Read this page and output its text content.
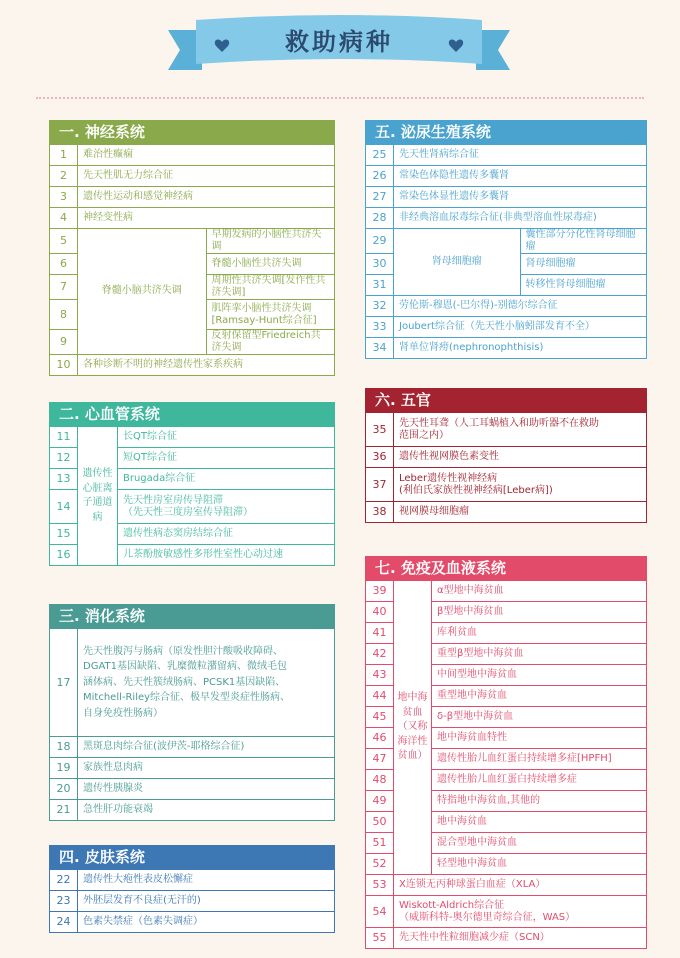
救助病种
一. 神经系统
1	难治性癫痫	

2	先天性肌无力综合征	

3	遗传性运动和感觉神经病	

4	神经变性病	

5	脊髓小脑共济失调	早期发病的小脑性共济失调

6		脊髓小脑性共济失调

7		周期性共济失调[发作性共济失调]

8		肌阵挛小脑性共济失调
[Ramsay-Hunt综合征]

9		反射保留型Friedreich共济失调

10	各种诊断不明的神经遗传性家系疾病	
二. 心血管系统
11	遗传性心脏离子通道病	长QT综合征

12		短QT综合征

13		Brugada综合征

14		先天性房室房传导阻滞
（先天性三度房室传导阻滞）

15		遗传性病态窦房结综合征

16		儿茶酚胺敏感性多形性室性心动过速
三. 消化系统
17	先天性腹泻与肠病（原发性胆汁酸吸收障碍、
DGAT1基因缺陷、乳糜微粒潴留病、微绒毛包
涵体病、先天性簇绒肠病、PCSK1基因缺陷、
Mitchell-Riley综合征、极早发型炎症性肠病、
自身免疫性肠病）

18	黑斑息肉综合征(波伊茨-耶格综合征)

19	家族性息肉病

20	遗传性胰腺炎

21	急性肝功能衰竭
四. 皮肤系统
22	遗传性大疱性表皮松懈症

23	外胚层发育不良症(无汗的)

24	色素失禁症（色素失调症）
五. 泌尿生殖系统
25	先天性肾病综合征	

26	常染色体隐性遗传多囊肾	

27	常染色体显性遗传多囊肾	

28	非经典溶血尿毒综合征(非典型溶血性尿毒症)	

29	肾母细胞瘤	囊性部分分化性肾母细胞瘤

30		肾母细胞瘤

31		转移性肾母细胞瘤

32	劳伦斯-穆恩(-巴尔得)-别德尔综合征	

33	Joubert综合征（先天性小脑蚓部发育不全）	

34	肾单位肾痨(nephronophthisis)	
六. 五官
35	先天性耳聋（人工耳蜗植入和助听器不在救助
范围之内）

36	遗传性视网膜色素变性

37	Leber遗传性视神经病
(利伯氏家族性视神经病[Leber病])

38	视网膜母细胞瘤
七. 免疫及血液系统
39	地中海贫血（又称海洋性贫血）	α型地中海贫血

40		β型地中海贫血

41		库利贫血

42		重型β型地中海贫血

43		中间型地中海贫血

44		重型地中海贫血

45		δ-β型地中海贫血

46		地中海贫血特性

47		遗传性胎儿血红蛋白持续增多症[HPFH]

48		遗传性胎儿血红蛋白持续增多症

49		特指地中海贫血,其他的

50		地中海贫血

51		混合型地中海贫血

52		轻型地中海贫血

53	X连锁无丙种球蛋白血症（XLA）	

54	Wiskott-Aldrich综合征
（威斯科特-奥尔德里奇综合征，WAS）	

55	先天性中性粒细胞减少症（SCN）	
